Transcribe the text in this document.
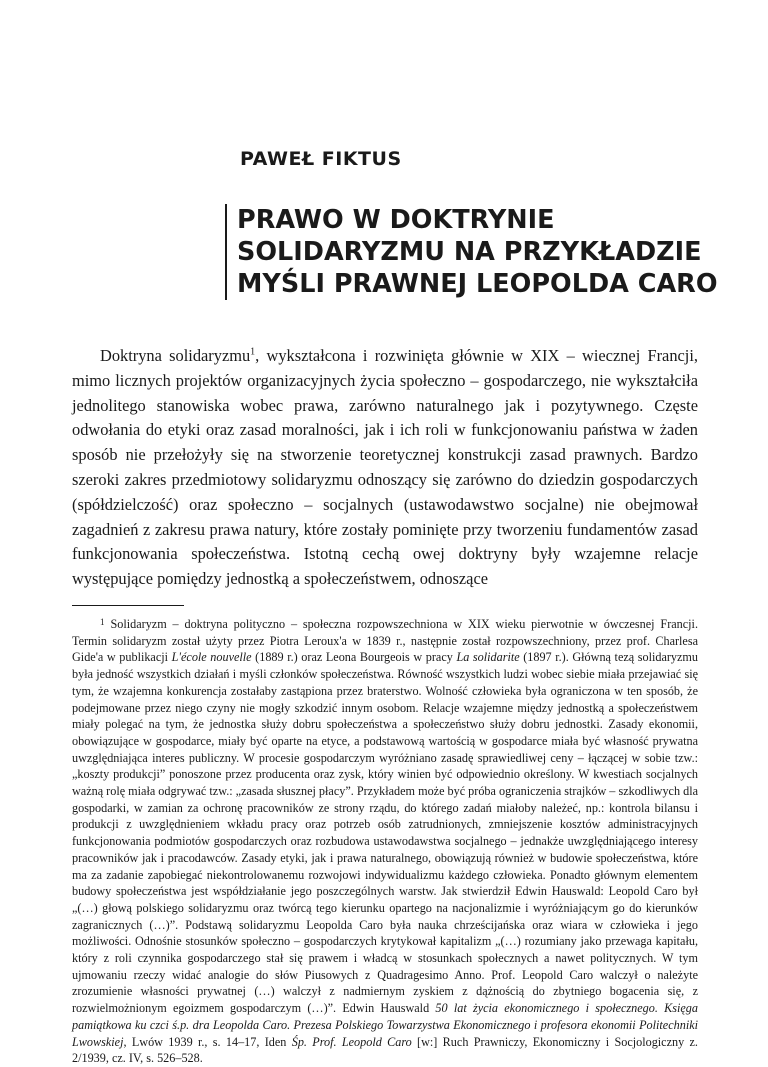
PAWEŁ FIKTUS
PRAWO W DOKTRYNIE
SOLIDARYZMU NA PRZYKŁADZIE
MYŚLI PRAWNEJ LEOPOLDA CARO

Doktryna solidaryzmu$^1$, wykształcona i rozwinięta głównie w XIX – wiecznej Francji, mimo licznych projektów organizacyjnych życia społeczno – gospodarczego, nie wykształciła jednolitego stanowiska wobec prawa, zarówno naturalnego jak i pozytywnego. Częste odwołania do etyki oraz zasad moralności, jak i ich roli w funkcjonowaniu państwa w żaden sposób nie przełożyły się na stworzenie teoretycznej konstrukcji zasad prawnych. Bardzo szeroki zakres przedmiotowy solidaryzmu odnoszący się zarówno do dziedzin gospodarczych (spółdzielczość) oraz społeczno – socjalnych (ustawodawstwo socjalne) nie obejmował zagadnień z zakresu prawa natury, które zostały pominięte przy tworzeniu fundamentów zasad funkcjonowania społeczeństwa. Istotną cechą owej doktryny były wzajemne relacje występujące pomiędzy jednostką a społeczeństwem, odnoszące

$^1$ Solidaryzm – doktryna polityczno – społeczna rozpowszechniona w XIX wieku pierwotnie w ówczesnej Francji. Termin solidaryzm został użyty przez Piotra Leroux'a w 1839 r., następnie został rozpowszechniony, przez prof. Charlesa Gide'a w publikacji L'école nouvelle (1889 r.) oraz Leona Bourgeois w pracy La solidarite (1897 r.). Główną tezą solidaryzmu była jedność wszystkich działań i myśli członków społeczeństwa. Równość wszystkich ludzi wobec siebie miała przejawiać się tym, że wzajemna konkurencja zostałaby zastąpiona przez braterstwo. Wolność człowieka była ograniczona w ten sposób, że podejmowane przez niego czyny nie mogły szkodzić innym osobom. Relacje wzajemne między jednostką a społeczeństwem miały polegać na tym, że jednostka służy dobru społeczeństwa a społeczeństwo służy dobru jednostki. Zasady ekonomii, obowiązujące w gospodarce, miały być oparte na etyce, a podstawową wartością w gospodarce miała być własność prywatna uwzględniająca interes publiczny. W procesie gospodarczym wyróżniano zasadę sprawiedliwej ceny – łączącej w sobie tzw.: „koszty produkcji” ponoszone przez producenta oraz zysk, który winien być odpowiednio określony. W kwestiach socjalnych ważną rolę miała odgrywać tzw.: „zasada słusznej płacy”. Przykładem może być próba ograniczenia strajków – szkodliwych dla gospodarki, w zamian za ochronę pracowników ze strony rządu, do którego zadań miałoby należeć, np.: kontrola bilansu i produkcji z uwzględnieniem wkładu pracy oraz potrzeb osób zatrudnionych, zmniejszenie kosztów administracyjnych funkcjonowania podmiotów gospodarczych oraz rozbudowa ustawodawstwa socjalnego – jednakże uwzględniającego interesy pracowników jak i pracodawców. Zasady etyki, jak i prawa naturalnego, obowiązują również w budowie społeczeństwa, które ma za zadanie zapobiegać niekontrolowanemu rozwojowi indywidualizmu każdego człowieka. Ponadto głównym elementem budowy społeczeństwa jest współdziałanie jego poszczególnych warstw. Jak stwierdził Edwin Hauswald: Leopold Caro był „(…) głową polskiego solidaryzmu oraz twórcą tego kierunku opartego na nacjonalizmie i wyróżniającym go do kierunków zagranicznych (…)”. Podstawą solidaryzmu Leopolda Caro była nauka chrześcijańska oraz wiara w człowieka i jego możliwości. Odnośnie stosunków społeczno – gospodarczych krytykował kapitalizm „(…) rozumiany jako przewaga kapitału, który z roli czynnika gospodarczego stał się prawem i władcą w stosunkach społecznych a nawet politycznych. W tym ujmowaniu rzeczy widać analogie do słów Piusowych z Quadragesimo Anno. Prof. Leopold Caro walczył o należyte zrozumienie własności prywatnej (…) walczył z nadmiernym zyskiem z dążnością do zbytniego bogacenia się, z rozwielmożnionym egoizmem gospodarczym (…)”. Edwin Hauswald 50 lat życia ekonomicznego i społecznego. Księga pamiątkowa ku czci ś.p. dra Leopolda Caro. Prezesa Polskiego Towarzystwa Ekonomicznego i profesora ekonomii Politechniki Lwowskiej, Lwów 1939 r., s. 14–17, Iden Śp. Prof. Leopold Caro [w:] Ruch Prawniczy, Ekonomiczny i Socjologiczny z. 2/1939, cz. IV, s. 526–528.
